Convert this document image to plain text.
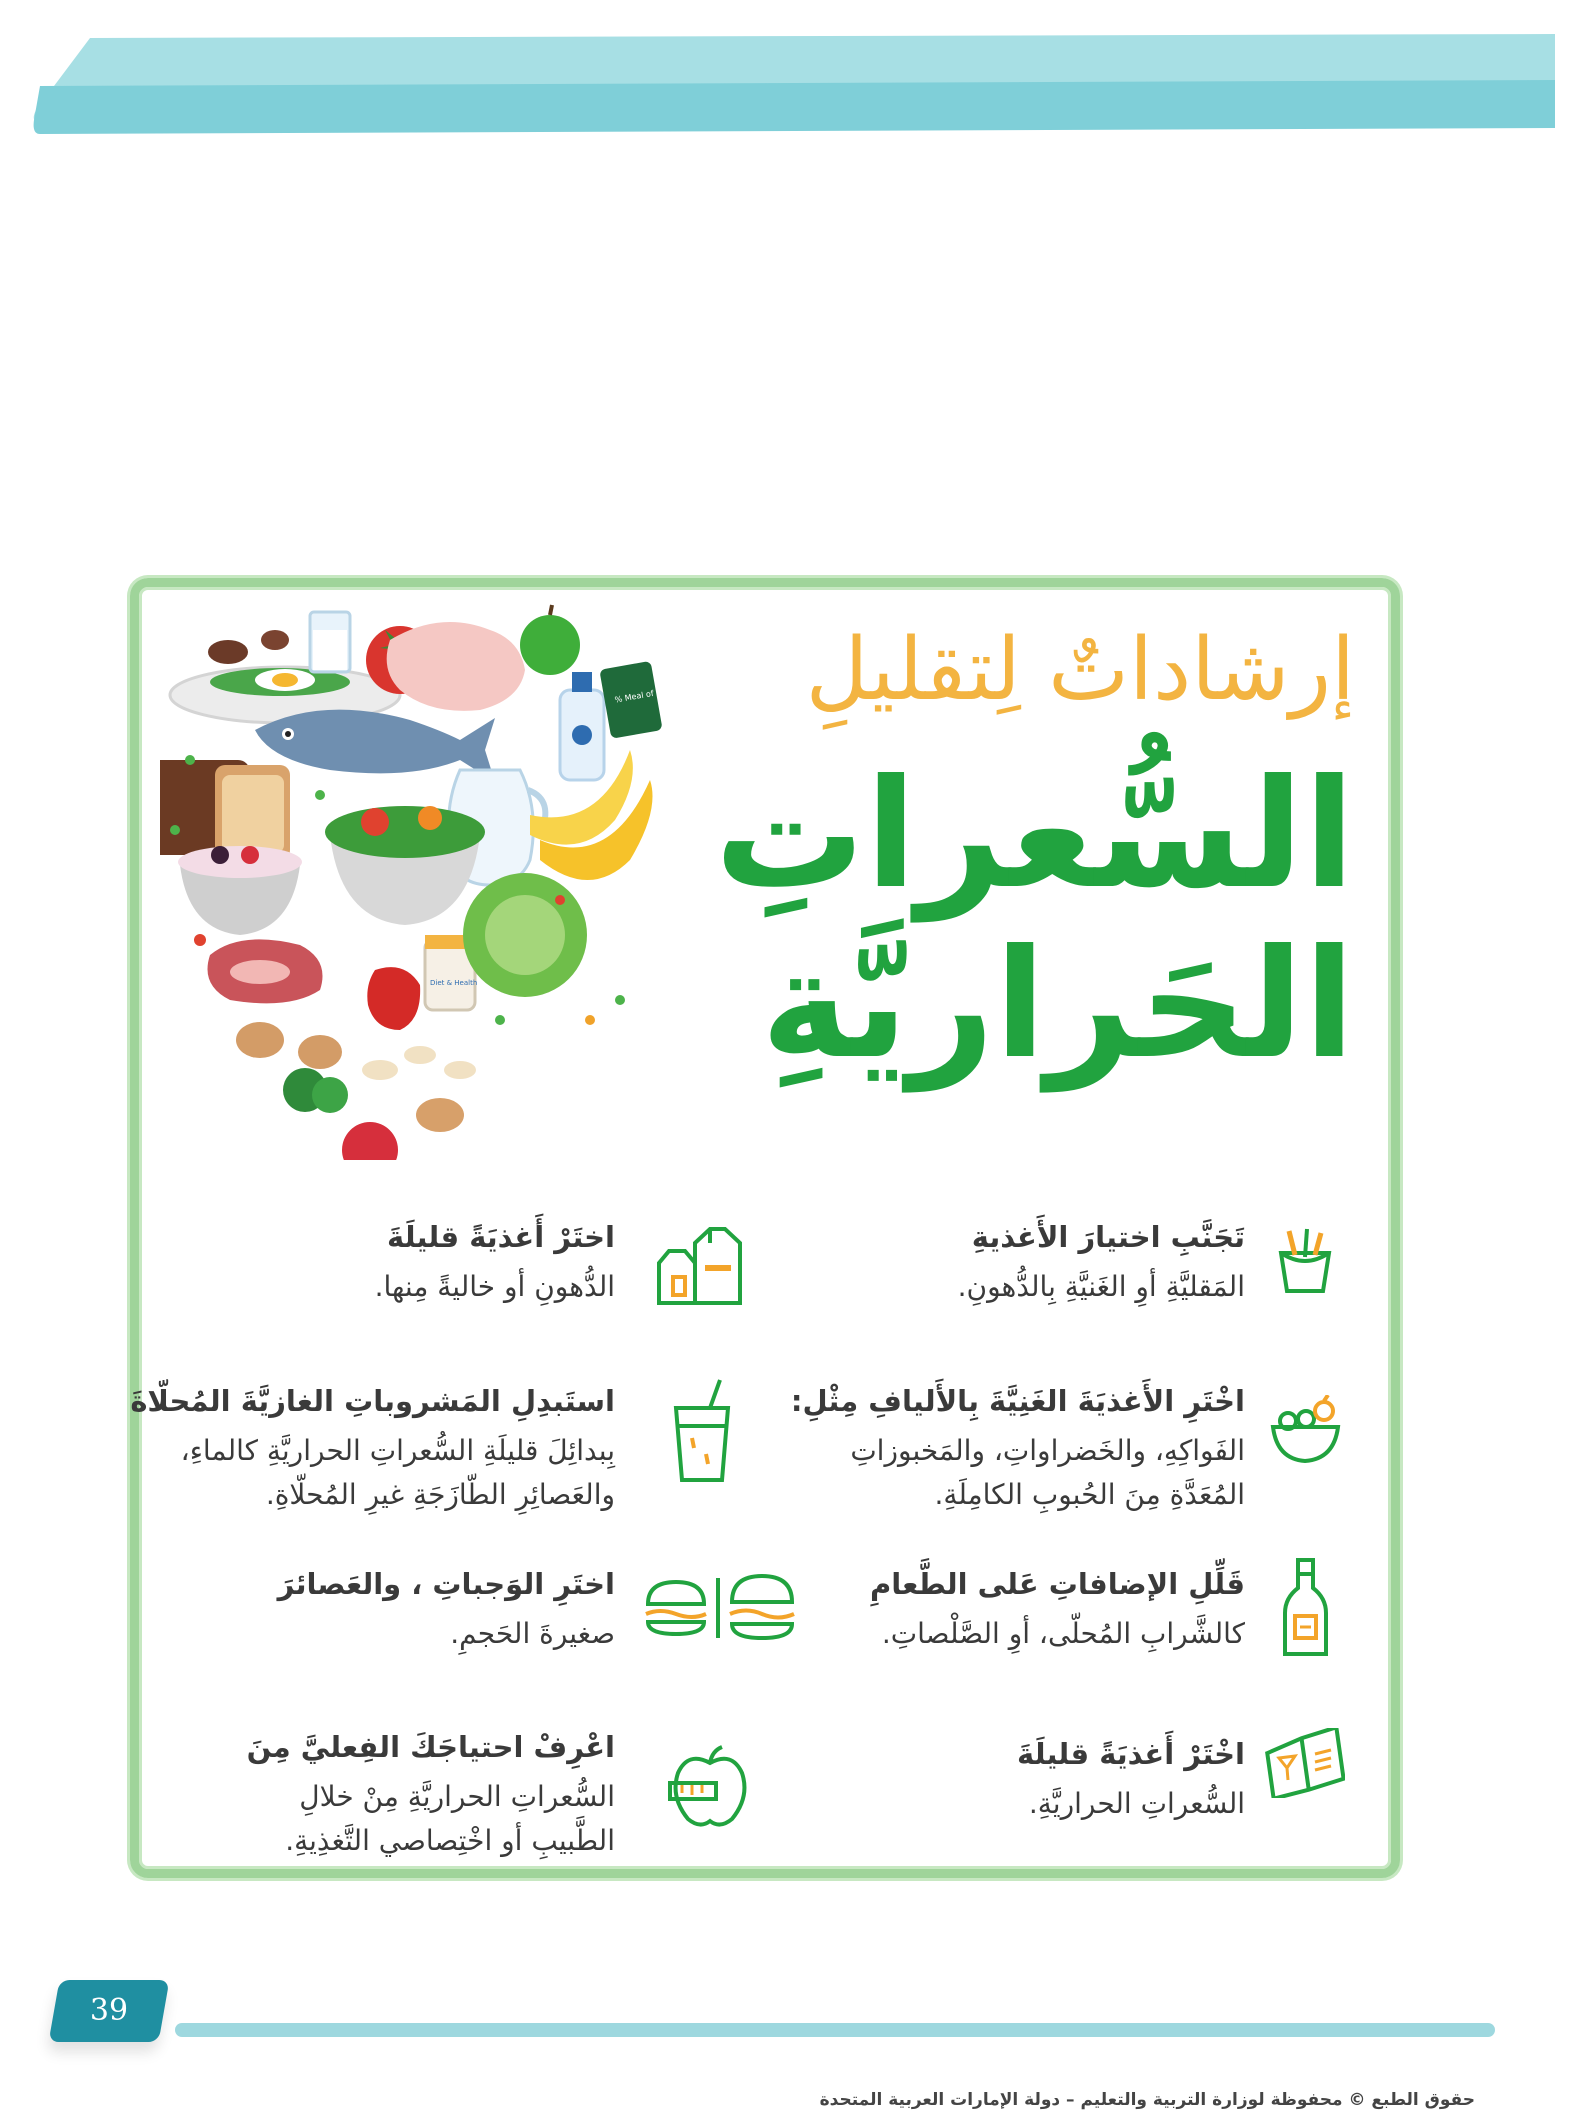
% Meal of Cellulose
Diet & Health
إرشاداتٌ لِتقليلِ
السُّعراتِ
الحَراريَّةِ
تَجَنَّبِ اختيارَ الأَغذيةِ

المَقليَّةِ أوِ الغَنيَّةِ بِالدُّهونِ.

اختَرْ أَغذيَةً قليلَةَ

الدُّهونِ أو خاليةً مِنها.

اخْتَرِ الأَغذيَةَ الغَنِيَّةَ بِالأَليافِ مِثْلِ:

الفَواكِهِ، والخَضراواتِ، والمَخبوزاتِ

المُعَدَّةِ مِنَ الحُبوبِ الكامِلَةِ.

استَبدِلِ المَشروباتِ الغازيَّةَ المُحلّاةَ

بِبدائِلَ قليلَةِ السُّعراتِ الحراريَّةِ كالماءِ،

والعَصائِرِ الطّازَجَةِ غيرِ المُحلّاةِ.

قَلِّلِ الإضافاتِ عَلى الطَّعامِ

كالشَّرابِ المُحلّى، أوِ الصَّلْصاتِ.

اختَرِ الوَجباتِ ، والعَصائرَ

صغيرةَ الحَجمِ.

اخْتَرْ أَغذيَةً قليلَةَ

السُّعراتِ الحراريَّةِ.

اعْرِفْ احتياجَكَ الفِعليَّ مِنَ

السُّعراتِ الحراريَّةِ مِنْ خلالِ

الطَّبيبِ أو اخْتِصاصي التَّغذِيةِ.

39
حقوق الطبع © محفوظة لوزارة التربية والتعليم – دولة الإمارات العربية المتحدة
